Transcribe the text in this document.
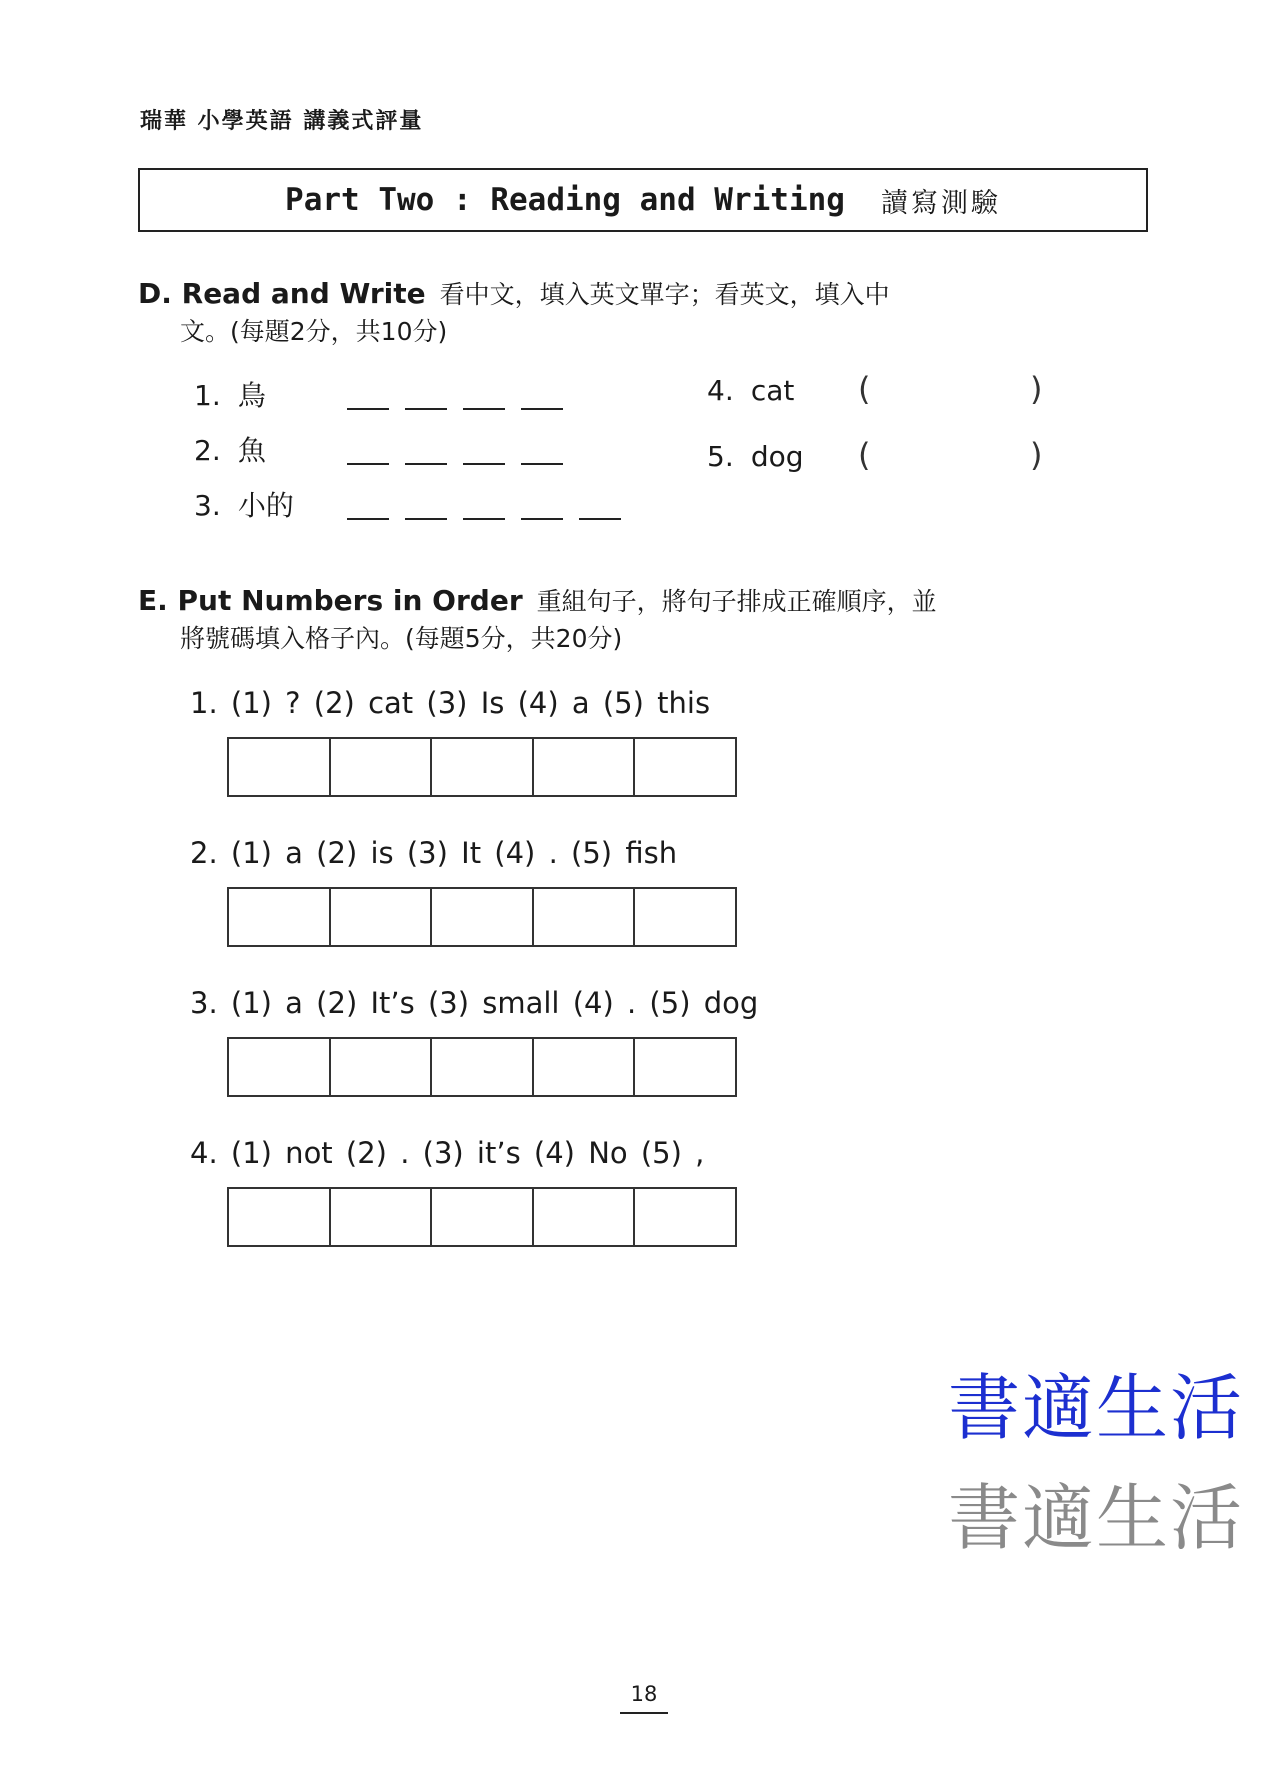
瑞華 小學英語 講義式評量
Part Two : Reading and Writing 讀寫測驗
D. Read and Write 看中文，填入英文單字；看英文，填入中
文。(每題2分，共10分)
1. 鳥
2. 魚
3. 小的
4. cat (	)
5. dog (	)
E. Put Numbers in Order 重組句子，將句子排成正確順序，並
將號碼填入格子內。(每題5分，共20分)
1. (1) ? (2) cat (3) Is (4) a (5) this
2. (1) a (2) is (3) It (4) . (5) fish
3. (1) a (2) It’s (3) small (4) . (5) dog
4. (1) not (2) . (3) it’s (4) No (5) ,
書適生活
書適生活
18
